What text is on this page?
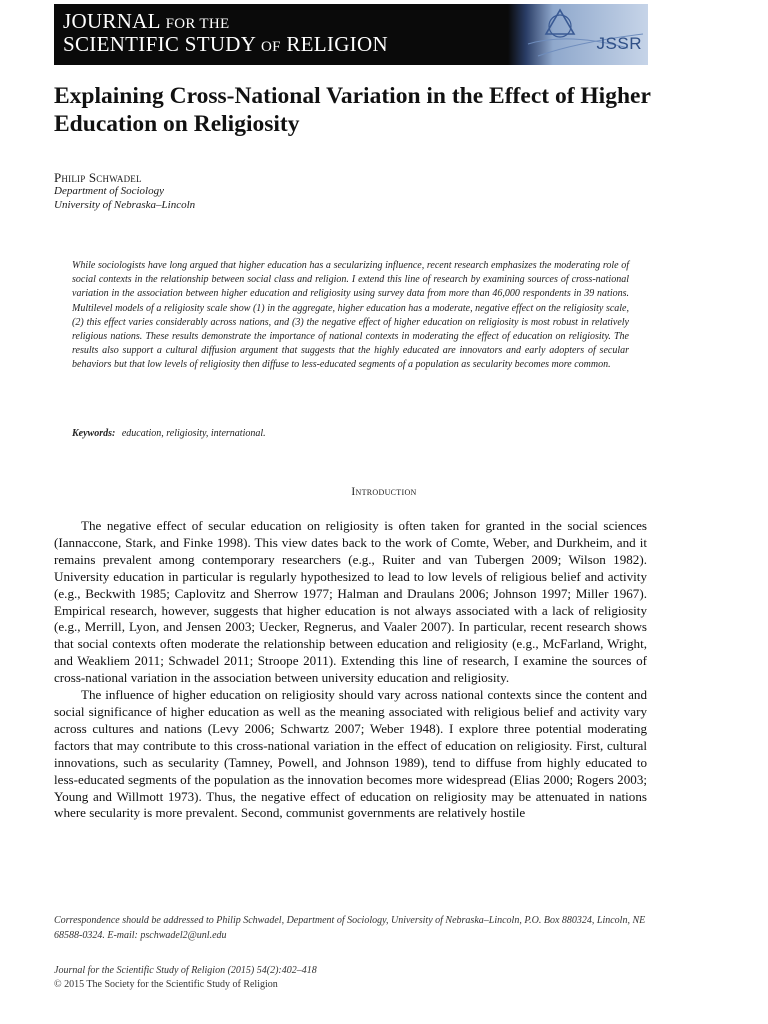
JOURNAL FOR THE
SCIENTIFIC STUDY OF RELIGION	JSSR
Explaining Cross-National Variation in the Effect of Higher Education on Religiosity
Philip Schwadel
Department of Sociology
University of Nebraska–Lincoln
While sociologists have long argued that higher education has a secularizing influence, recent research emphasizes the moderating role of social contexts in the relationship between social class and religion. I extend this line of research by examining sources of cross-national variation in the association between higher education and religiosity using survey data from more than 46,000 respondents in 39 nations. Multilevel models of a religiosity scale show (1) in the aggregate, higher education has a moderate, negative effect on the religiosity scale, (2) this effect varies considerably across nations, and (3) the negative effect of higher education on religiosity is most robust in relatively religious nations. These results demonstrate the importance of national contexts in moderating the effect of education on religiosity. The results also support a cultural diffusion argument that suggests that the highly educated are innovators and early adopters of secular behaviors but that low levels of religiosity then diffuse to less-educated segments of a population as secularity becomes more common.
Keywords: education, religiosity, international.
Introduction

The negative effect of secular education on religiosity is often taken for granted in the social sciences (Iannaccone, Stark, and Finke 1998). This view dates back to the work of Comte, Weber, and Durkheim, and it remains prevalent among contemporary researchers (e.g., Ruiter and van Tubergen 2009; Wilson 1982). University education in particular is regularly hypothesized to lead to low levels of religious belief and activity (e.g., Beckwith 1985; Caplovitz and Sherrow 1977; Halman and Draulans 2006; Johnson 1997; Miller 1967). Empirical research, however, suggests that higher education is not always associated with a lack of religiosity (e.g., Merrill, Lyon, and Jensen 2003; Uecker, Regnerus, and Vaaler 2007). In particular, recent research shows that social contexts often moderate the relationship between education and religiosity (e.g., McFarland, Wright, and Weakliem 2011; Schwadel 2011; Stroope 2011). Extending this line of research, I examine the sources of cross-national variation in the association between university education and religiosity.

The influence of higher education on religiosity should vary across national contexts since the content and social significance of higher education as well as the meaning associated with religious belief and activity vary across cultures and nations (Levy 2006; Schwartz 2007; Weber 1948). I explore three potential moderating factors that may contribute to this cross-national variation in the effect of education on religiosity. First, cultural innovations, such as secularity (Tamney, Powell, and Johnson 1989), tend to diffuse from highly educated to less-educated segments of the population as the innovation becomes more widespread (Elias 2000; Rogers 2003; Young and Willmott 1973). Thus, the negative effect of education on religiosity may be attenuated in nations where secularity is more prevalent. Second, communist governments are relatively hostile

Correspondence should be addressed to Philip Schwadel, Department of Sociology, University of Nebraska–Lincoln, P.O. Box 880324, Lincoln, NE 68588-0324. E-mail: pschwadel2@unl.edu
Journal for the Scientific Study of Religion (2015) 54(2):402–418
© 2015 The Society for the Scientific Study of Religion
